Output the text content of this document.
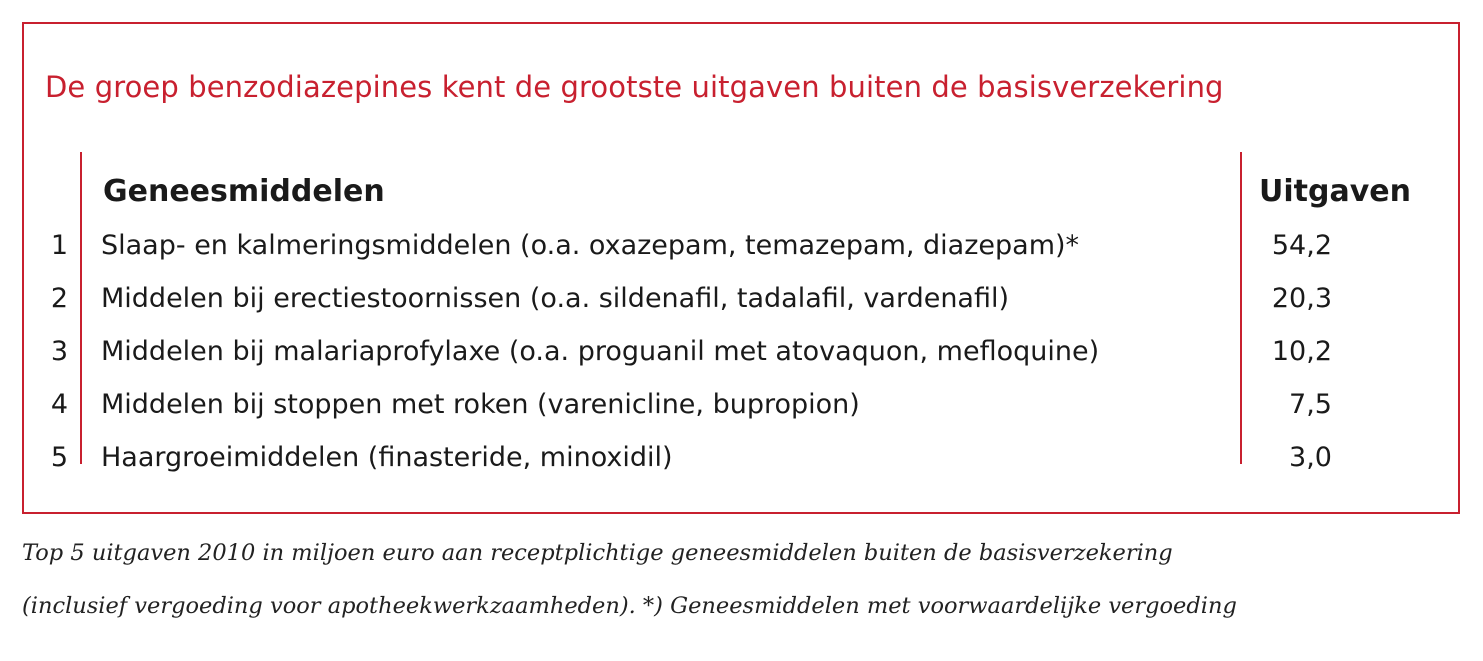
De groep benzodiazepines kent de grootste uitgaven buiten de basisverzekering
Geneesmiddelen	Uitgaven
1 Slaap- en kalmeringsmiddelen (o.a. oxazepam, temazepam, diazepam)*	54,2
2 Middelen bij erectiestoornissen (o.a. sildenafil, tadalafil, vardenafil)	20,3
3 Middelen bij malariaprofylaxe (o.a. proguanil met atovaquon, mefloquine)	10,2
4 Middelen bij stoppen met roken (varenicline, bupropion)	7,5
5 Haargroeimiddelen (finasteride, minoxidil)	3,0
Top 5 uitgaven 2010 in miljoen euro aan receptplichtige geneesmiddelen buiten de basisverzekering
(inclusief vergoeding voor apotheekwerkzaamheden). *) Geneesmiddelen met voorwaardelijke vergoeding
